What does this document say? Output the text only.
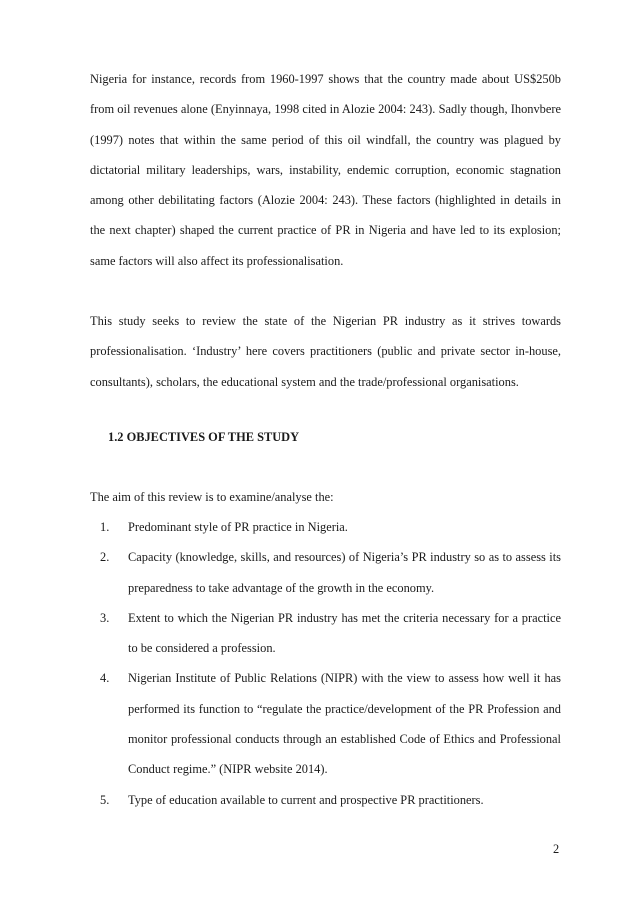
Nigeria for instance, records from 1960-1997 shows that the country made about US$250b from oil revenues alone (Enyinnaya, 1998 cited in Alozie 2004: 243). Sadly though, Ihonvbere (1997) notes that within the same period of this oil windfall, the country was plagued by dictatorial military leaderships, wars, instability, endemic corruption, economic stagnation among other debilitating factors (Alozie 2004: 243). These factors (highlighted in details in the next chapter) shaped the current practice of PR in Nigeria and have led to its explosion; same factors will also affect its professionalisation.

This study seeks to review the state of the Nigerian PR industry as it strives towards professionalisation. ‘Industry’ here covers practitioners (public and private sector in-house, consultants), scholars, the educational system and the trade/professional organisations.

1.2 OBJECTIVES OF THE STUDY

The aim of this review is to examine/analyse the:

1. Predominant style of PR practice in Nigeria.
2. Capacity (knowledge, skills, and resources) of Nigeria’s PR industry so as to assess its preparedness to take advantage of the growth in the economy.
3. Extent to which the Nigerian PR industry has met the criteria necessary for a practice to be considered a profession.
4. Nigerian Institute of Public Relations (NIPR) with the view to assess how well it has performed its function to “regulate the practice/development of the PR Profession and monitor professional conducts through an established Code of Ethics and Professional Conduct regime.” (NIPR website 2014).
5. Type of education available to current and prospective PR practitioners.
2
